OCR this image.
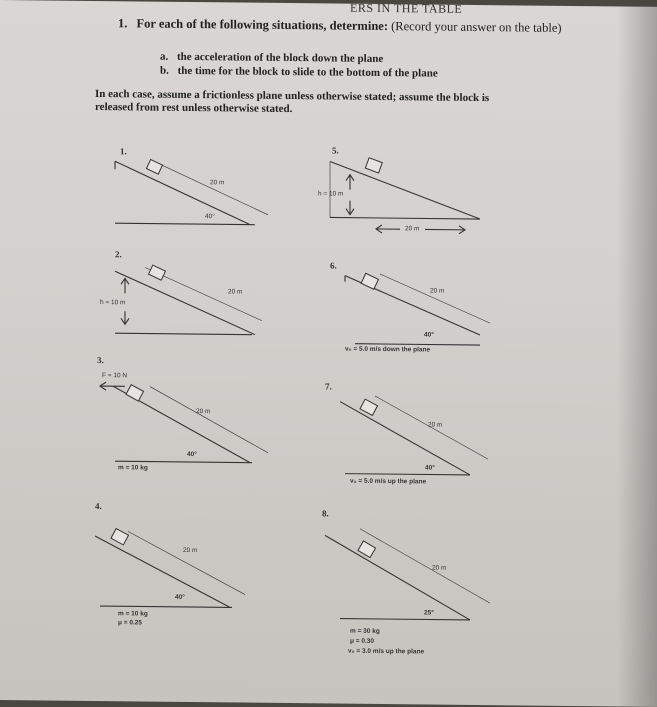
ERS IN THE TABLE
1. For each of the following situations, determine: (Record your answer on the table)
a. the acceleration of the block down the plane
b. the time for the block to slide to the bottom of the plane
In each case, assume a frictionless plane unless otherwise stated; assume the block is
released from rest unless otherwise stated.
1.
20 m
40°
5.
h = 10 m
20 m
2.
h = 10 m
20 m
6.
20 m
40°
v₀ = 5.0 m/s down the plane
3.
F = 10 N
20 m
40°
m = 10 kg
7.
20 m
40°
v₀ = 5.0 m/s up the plane
4.
20 m
40°
m = 10 kg
μ = 0.25
8.
20 m
25°
m = 30 kg
μ = 0.30
v₀ = 3.0 m/s up the plane
